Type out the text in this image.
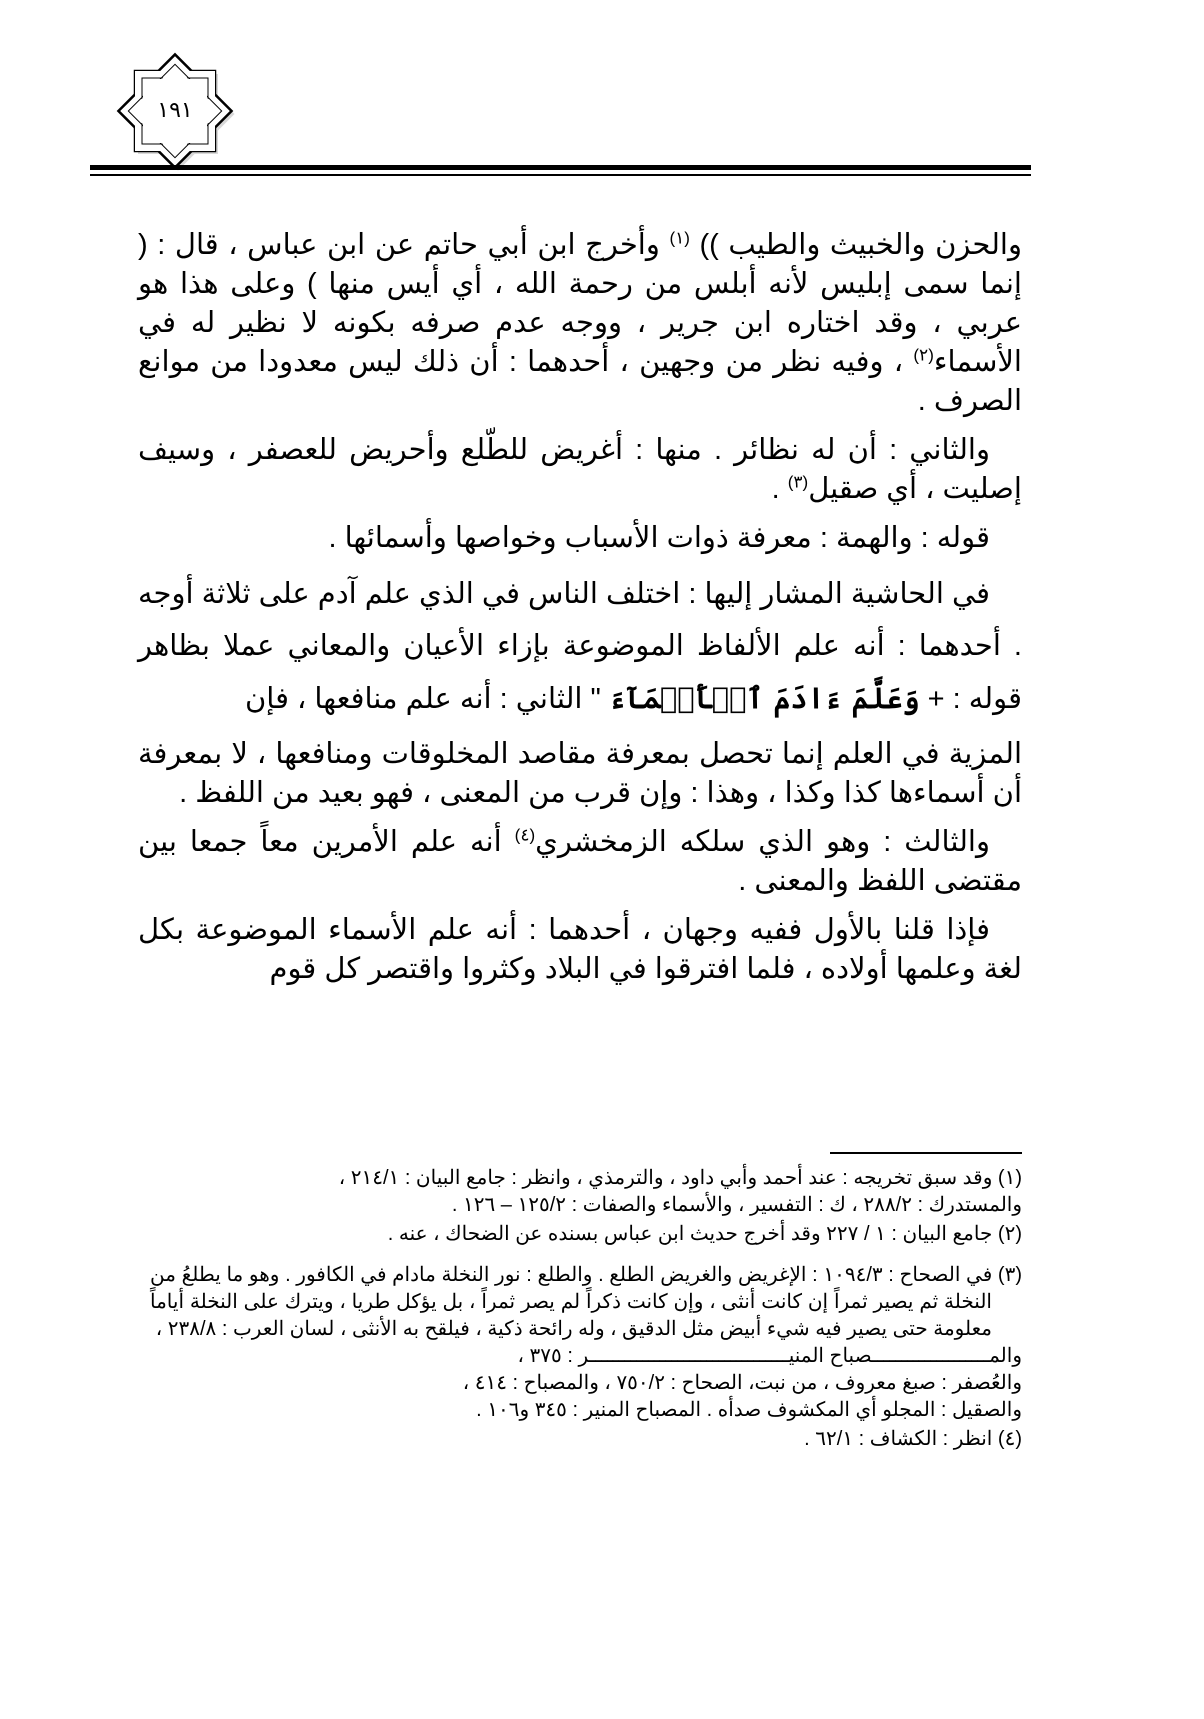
١٩١

والحزن والخبيث والطيب )) $^{(١)}$ وأخرج ابن أبي حاتم عن ابن عباس ، قال : ( إنما سمى إبليس لأنه أبلس من رحمة الله ، أي أيس منها ) وعلى هذا هو عربي ، وقد اختاره ابن جرير ، ووجه عدم صرفه بكونه لا نظير له في الأسماء$^{(٢)}$ ، وفيه نظر من وجهين ، أحدهما : أن ذلك ليس معدودا من موانع الصرف .

والثاني : أن له نظائر . منها : أغريض للطّلع وأحريض للعصفر ، وسيف إصليت ، أي صقيل$^{(٣)}$ .

قوله : والهمة : معرفة ذوات الأسباب وخواصها وأسمائها .

في الحاشية المشار إليها : اختلف الناس في الذي علم آدم على ثلاثة أوجه . أحدهما : أنه علم الألفاظ الموضوعة بإزاء الأعيان والمعاني عملا بظاهر قوله : + وَعَلَّمَ ءَادَمَ ٱلۡأَسۡمَآءَ " الثاني : أنه علم منافعها ، فإن

المزية في العلم إنما تحصل بمعرفة مقاصد المخلوقات ومنافعها ، لا بمعرفة أن أسماءها كذا وكذا ، وهذا : وإن قرب من المعنى ، فهو بعيد من اللفظ .

والثالث : وهو الذي سلكه الزمخشري$^{(٤)}$ أنه علم الأمرين معاً جمعا بين مقتضى اللفظ والمعنى .

فإذا قلنا بالأول ففيه وجهان ، أحدهما : أنه علم الأسماء الموضوعة بكل لغة وعلمها أولاده ، فلما افترقوا في البلاد وكثروا واقتصر كل قوم

(١) وقد سبق تخريجه : عند أحمد وأبي داود ، والترمذي ، وانظر : جامع البيان : ٢١٤/١ ،
والمستدرك : ٢٨٨/٢ ، ك : التفسير ، والأسماء والصفات : ١٢٥/٢ – ١٢٦ .
(٢) جامع البيان : ١ / ٢٢٧ وقد أخرج حديث ابن عباس بسنده عن الضحاك ، عنه .
(٣) في الصحاح : ١٠٩٤/٣ : الإغريض والغريض الطلع . والطلع : نور النخلة مادام في الكافور . وهو ما يطلعُ من النخلة ثم يصير ثمراً إن كانت أنثى ، وإن كانت ذكراً لم يصر ثمراً ، بل يؤكل طريا ، ويترك على النخلة أياماً معلومة حتى يصير فيه شيء أبيض مثل الدقيق ، وله رائحة ذكية ، فيلقح به الأنثى ، لسان العرب : ٢٣٨/٨ ،
والمــــــــــــــــــــصباح المنيــــــــــــــــــــــــــــــــــر : ٣٧٥ ،
والعُصفر : صبغ معروف ، من نبت، الصحاح : ٧٥٠/٢ ، والمصباح : ٤١٤ ،
والصقيل : المجلو أي المكشوف صدأه . المصباح المنير : ٣٤٥ و١٠٦ .
(٤) انظر : الكشاف : ٦٢/١ .
